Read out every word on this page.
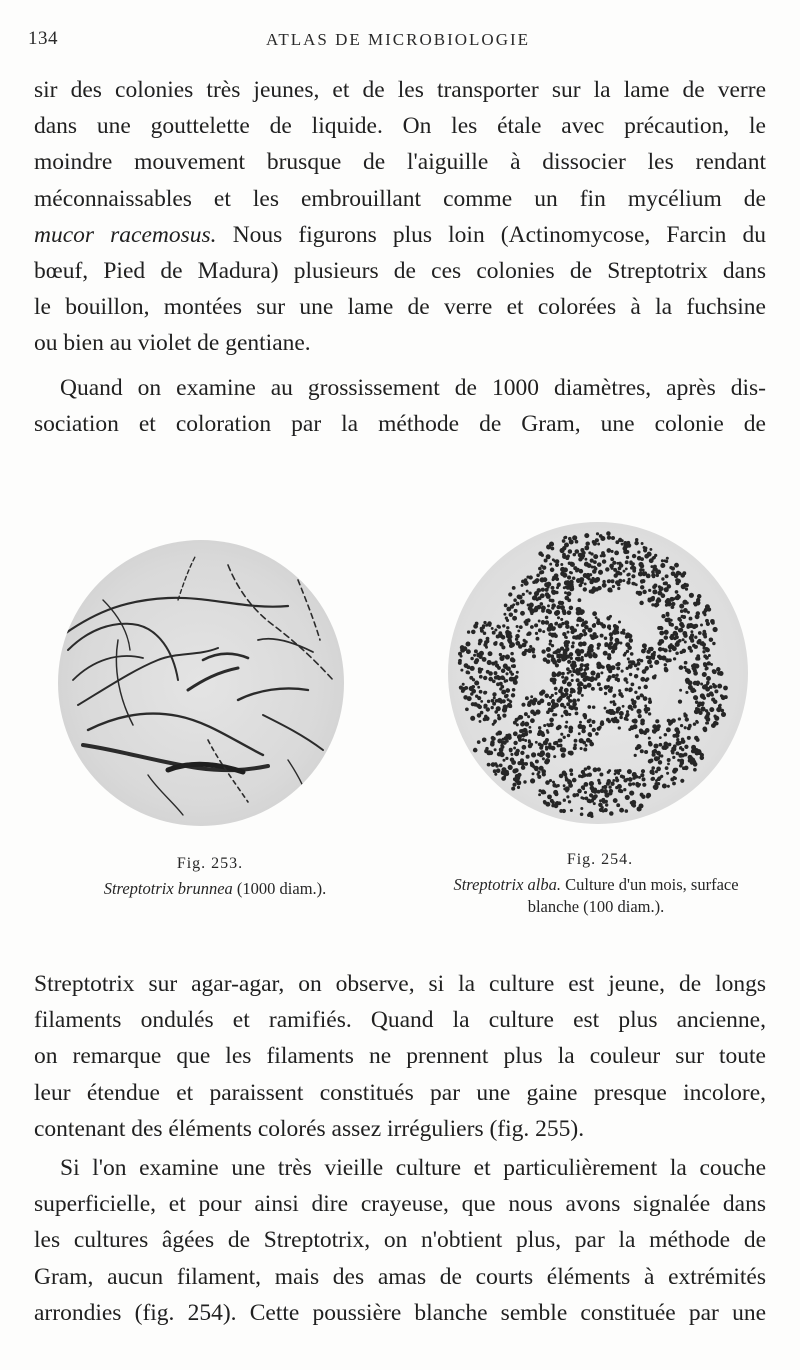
134	ATLAS DE MICROBIOLOGIE
sir des colonies très jeunes, et de les transporter sur la lame de verre
dans une gouttelette de liquide. On les étale avec précaution, le
moindre mouvement brusque de l'aiguille à dissocier les rendant
méconnaissables et les embrouillant comme un fin mycélium de
mucor racemosus. Nous figurons plus loin (Actinomycose, Farcin du
bœuf, Pied de Madura) plusieurs de ces colonies de Streptotrix dans
le bouillon, montées sur une lame de verre et colorées à la fuchsine
ou bien au violet de gentiane.
Quand on examine au grossissement de 1000 diamètres, après dis-
sociation et coloration par la méthode de Gram, une colonie de
Fig. 253.
Streptotrix brunnea (1000 diam.).
Fig. 254.
Streptotrix alba. Culture d'un mois, surface
blanche (100 diam.).
Streptotrix sur agar-agar, on observe, si la culture est jeune, de longs
filaments ondulés et ramifiés. Quand la culture est plus ancienne,
on remarque que les filaments ne prennent plus la couleur sur toute
leur étendue et paraissent constitués par une gaine presque incolore,
contenant des éléments colorés assez irréguliers (fig. 255).
Si l'on examine une très vieille culture et particulièrement la couche
superficielle, et pour ainsi dire crayeuse, que nous avons signalée dans
les cultures âgées de Streptotrix, on n'obtient plus, par la méthode de
Gram, aucun filament, mais des amas de courts éléments à extrémités
arrondies (fig. 254). Cette poussière blanche semble constituée par une
